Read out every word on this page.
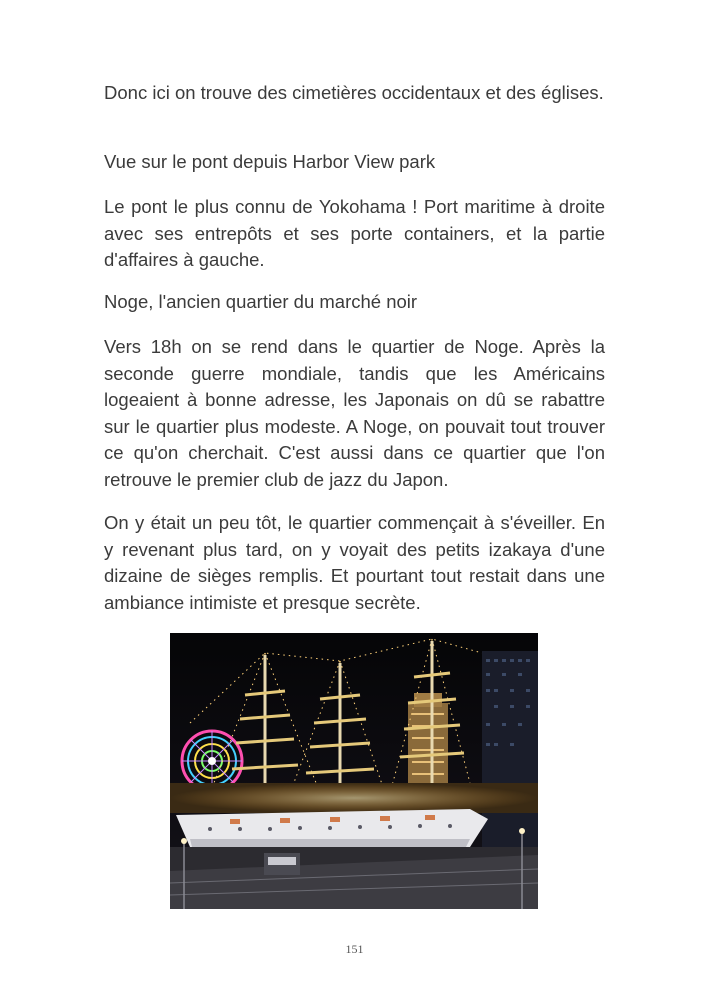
Donc ici on trouve des cimetières occidentaux et des églises.

Vue sur le pont depuis Harbor View park

Le pont le plus connu de Yokohama ! Port maritime à droite avec ses entrepôts et ses porte containers, et la partie d'affaires à gauche.

Noge, l'ancien quartier du marché noir

Vers 18h on se rend dans le quartier de Noge. Après la seconde guerre mondiale, tandis que les Américains logeaient à bonne adresse, les Japonais on dû se rabattre sur le quartier plus modeste. A Noge, on pouvait tout trouver ce qu'on cherchait. C'est aussi dans ce quartier que l'on retrouve le premier club de jazz du Japon.

On y était un peu tôt, le quartier commençait à s'éveiller. En y revenant plus tard, on y voyait des petits izakaya d'une dizaine de sièges remplis. Et pourtant tout restait dans une ambiance intimiste et presque secrète.

151
